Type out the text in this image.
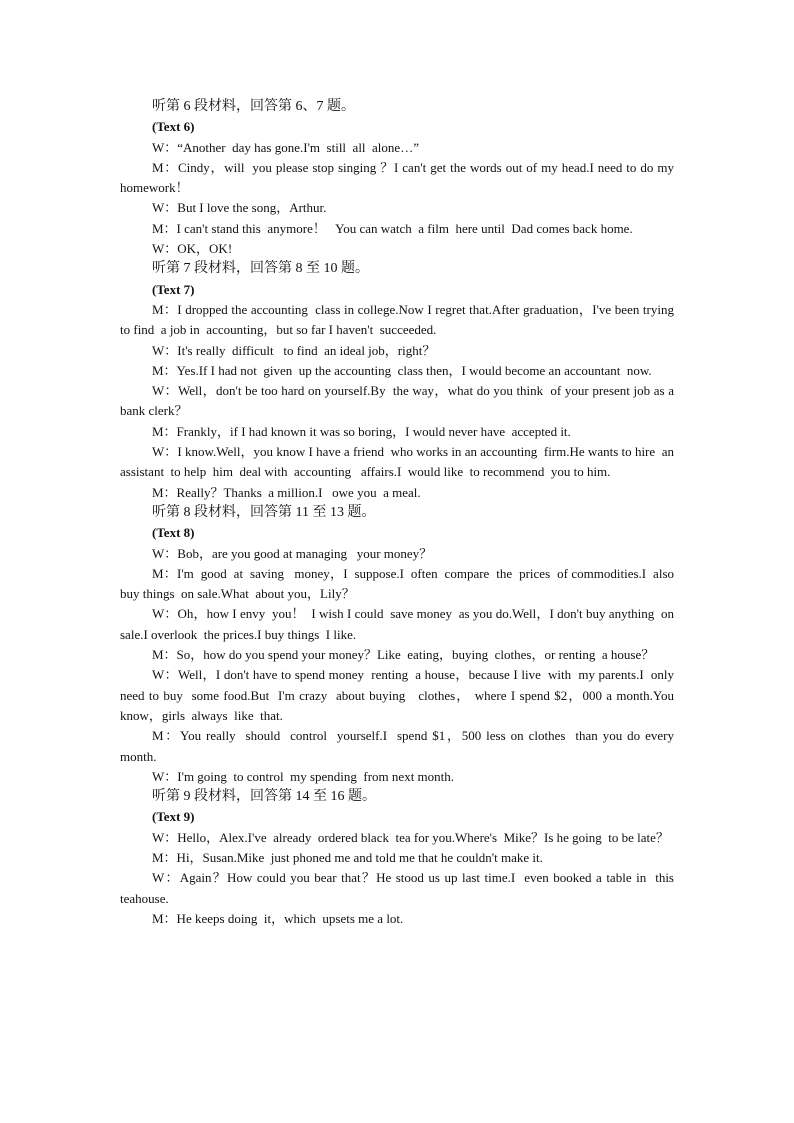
听第 6 段材料，回答第 6、7 题。

(Text 6)

W：“Another  day has gone.I'm  still  all  alone…”

M：Cindy，will  you please stop singing ？I can't get the words out of my head.I need to do my homework！

W：But I love the song，Arthur.

M：I can't stand this  anymore！   You can watch  a film  here until  Dad comes back home.

W：OK，OK!

听第 7 段材料，回答第 8 至 10 题。

(Text 7)

M：I dropped the accounting  class in college.Now I regret that.After graduation，I've been trying  to find  a job in  accounting，but so far I haven't  succeeded.

W：It's really  difficult   to find  an ideal job，right？

M：Yes.If I had not  given  up the accounting  class then，I would become an accountant  now.

W：Well，don't be too hard on yourself.By  the way，what do you think  of your present job as a bank clerk？

M：Frankly，if I had known it was so boring，I would never have  accepted it.

W：I know.Well，you know I have a friend  who works in an accounting  firm.He wants to hire  an assistant  to help  him  deal with  accounting   affairs.I  would like  to recommend  you to him.

M：Really？Thanks  a million.I   owe you  a meal.

听第 8 段材料，回答第 11 至 13 题。

(Text 8)

W：Bob，are you good at managing   your money？

M：I'm  good  at  saving   money，I  suppose.I  often  compare  the  prices  of commodities.I  also buy things  on sale.What  about you，Lily？

W：Oh，how I envy  you！  I wish I could  save money  as you do.Well，I don't buy anything  on sale.I overlook  the prices.I buy things  I like.

M：So，how do you spend your money？Like  eating，buying  clothes，or renting  a house？

W：Well，I don't have to spend money  renting  a house，because I live  with  my parents.I  only  need to buy  some food.But  I'm crazy  about buying   clothes， where I spend $2，000 a month.You  know，girls  always  like  that.

M：You really  should  control  yourself.I  spend $1，500 less on clothes  than you do every  month.

W：I'm going  to control  my spending  from next month.

听第 9 段材料，回答第 14 至 16 题。

(Text 9)

W：Hello，Alex.I've  already  ordered black  tea for you.Where's  Mike？Is he going  to be late？

M：Hi，Susan.Mike  just phoned me and told me that he couldn't make it.

W：Again？How could you bear that？He stood us up last time.I  even booked a table in  this  teahouse.

M：He keeps doing  it，which  upsets me a lot.
